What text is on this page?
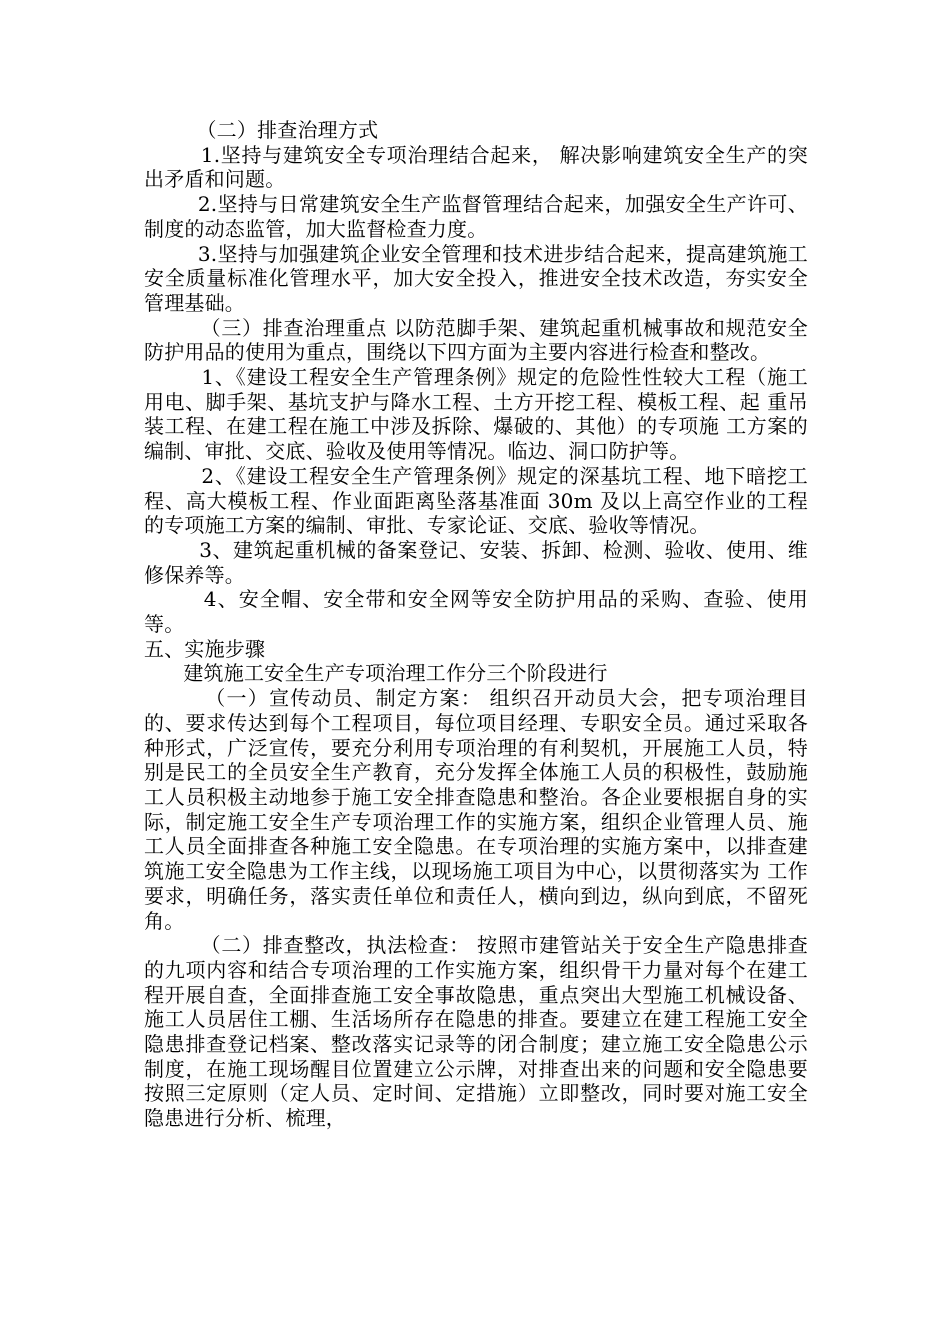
（二）排查治理方式

1.坚持与建筑安全专项治理结合起来， 解决影响建筑安全生产的突 出矛盾和问题。

2.坚持与日常建筑安全生产监督管理结合起来，加强安全生产许可、制度的动态监管，加大监督检查力度。

3.坚持与加强建筑企业安全管理和技术进步结合起来，提高建筑施工安全质量标准化管理水平，加大安全投入，推进安全技术改造，夯实安全管理基础。

（三）排查治理重点 以防范脚手架、建筑起重机械事故和规范安全防护用品的使用为重点，围绕以下四方面为主要内容进行检查和整改。

1、《建设工程安全生产管理条例》规定的危险性性较大工程（施工 用电、脚手架、基坑支护与降水工程、土方开挖工程、模板工程、起 重吊装工程、在建工程在施工中涉及拆除、爆破的、其他）的专项施 工方案的编制、审批、交底、验收及使用等情况。临边、洞口防护等。

2、《建设工程安全生产管理条例》规定的深基坑工程、地下暗挖工程、高大模板工程、作业面距离坠落基准面 30m 及以上高空作业的工程的专项施工方案的编制、审批、专家论证、交底、验收等情况。

3、建筑起重机械的备案登记、安装、拆卸、检测、验收、使用、维修保养等。

4、安全帽、安全带和安全网等安全防护用品的采购、查验、使用等。

五、实施步骤

建筑施工安全生产专项治理工作分三个阶段进行

（一）宣传动员、制定方案： 组织召开动员大会，把专项治理目的、要求传达到每个工程项目，每位项目经理、专职安全员。通过采取各种形式，广泛宣传，要充分利用专项治理的有利契机，开展施工人员，特别是民工的全员安全生产教育，充分发挥全体施工人员的积极性，鼓励施工人员积极主动地参于施工安全排查隐患和整治。各企业要根据自身的实际，制定施工安全生产专项治理工作的实施方案，组织企业管理人员、施工人员全面排查各种施工安全隐患。在专项治理的实施方案中，以排查建 筑施工安全隐患为工作主线，以现场施工项目为中心，以贯彻落实为 工作要求，明确任务，落实责任单位和责任人，横向到边，纵向到底，不留死角。

（二）排查整改，执法检查： 按照市建管站关于安全生产隐患排查的九项内容和结合专项治理的工作实施方案，组织骨干力量对每个在建工程开展自查，全面排查施工安全事故隐患，重点突出大型施工机械设备、施工人员居住工棚、生活场所存在隐患的排查。要建立在建工程施工安全隐患排查登记档案、整改落实记录等的闭合制度；建立施工安全隐患公示制度，在施工现场醒目位置建立公示牌，对排查出来的问题和安全隐患要按照三定原则（定人员、定时间、定措施）立即整改，同时要对施工安全隐患进行分析、梳理，
